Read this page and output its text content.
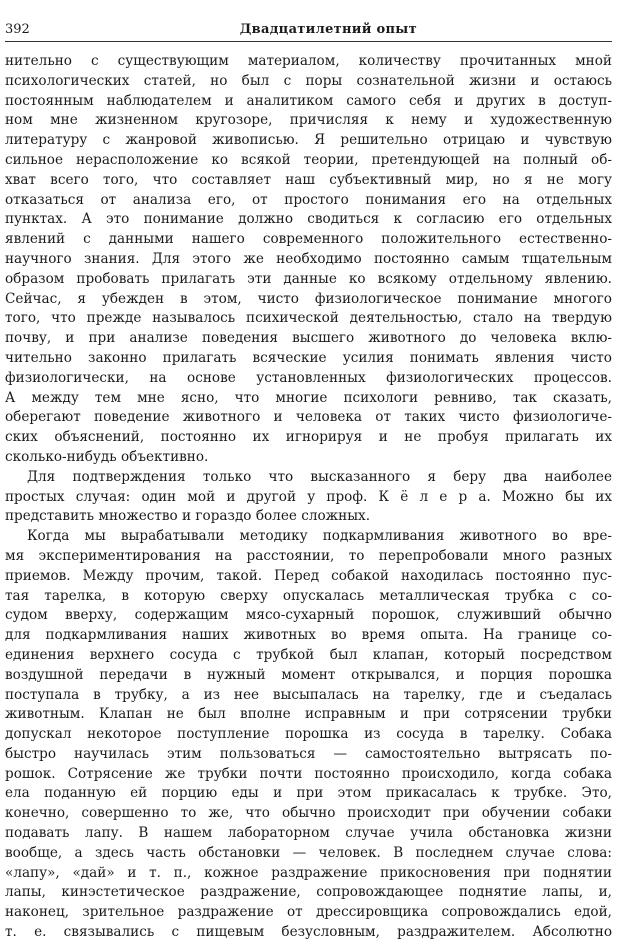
392	Двадцатилетний опыт
нительно с существующим материалом, количеству прочитанных мной
психологических статей, но был с поры сознательной жизни и остаюсь
постоянным наблюдателем и аналитиком самого себя и других в доступ-
ном мне жизненном кругозоре, причисляя к нему и художественную
литературу с жанровой живописью. Я решительно отрицаю и чувствую
сильное нерасположение ко всякой теории, претендующей на полный об-
хват всего того, что составляет наш субъективный мир, но я не могу
отказаться от анализа его, от простого понимания его на отдельных
пунктах. А это понимание должно сводиться к согласию его отдельных
явлений с данными нашего современного положительного естественно-
научного знания. Для этого же необходимо постоянно самым тщательным
образом пробовать прилагать эти данные ко всякому отдельному явлению.
Сейчас, я убежден в этом, чисто физиологическое понимание многого
того, что прежде называлось психической деятельностью, стало на твердую
почву, и при анализе поведения высшего животного до человека вклю-
чительно законно прилагать всяческие усилия понимать явления чисто
физиологически, на основе установленных физиологических процессов.
А между тем мне ясно, что многие психологи ревниво, так сказать,
оберегают поведение животного и человека от таких чисто физиологиче-
ских объяснений, постоянно их игнорируя и не пробуя прилагать их
сколько-нибудь объективно.
Для подтверждения только что высказанного я беру два наиболее
простых случая: один мой и другой у проф. К ё л е р а. Можно бы их
представить множество и гораздо более сложных.
Когда мы вырабатывали методику подкармливания животного во вре-
мя экспериментирования на расстоянии, то перепробовали много разных
приемов. Между прочим, такой. Перед собакой находилась постоянно пус-
тая тарелка, в которую сверху опускалась металлическая трубка с со-
судом вверху, содержащим мясо-сухарный порошок, служивший обычно
для подкармливания наших животных во время опыта. На границе со-
единения верхнего сосуда с трубкой был клапан, который посредством
воздушной передачи в нужный момент открывался, и порция порошка
поступала в трубку, а из нее высыпалась на тарелку, где и съедалась
животным. Клапан не был вполне исправным и при сотрясении трубки
допускал некоторое поступление порошка из сосуда в тарелку. Собака
быстро научилась этим пользоваться — самостоятельно вытрясать по-
рошок. Сотрясение же трубки почти постоянно происходило, когда собака
ела поданную ей порцию еды и при этом прикасалась к трубке. Это,
конечно, совершенно то же, что обычно происходит при обучении собаки
подавать лапу. В нашем лабораторном случае учила обстановка жизни
вообще, а здесь часть обстановки — человек. В последнем случае слова:
«лапу», «дай» и т. п., кожное раздражение прикосновения при поднятии
лапы, кинэстетическое раздражение, сопровождающее поднятие лапы, и,
наконец, зрительное раздражение от дрессировщика сопровождались едой,
т. е. связывались с пищевым безусловным, раздражителем. Абсолютно
